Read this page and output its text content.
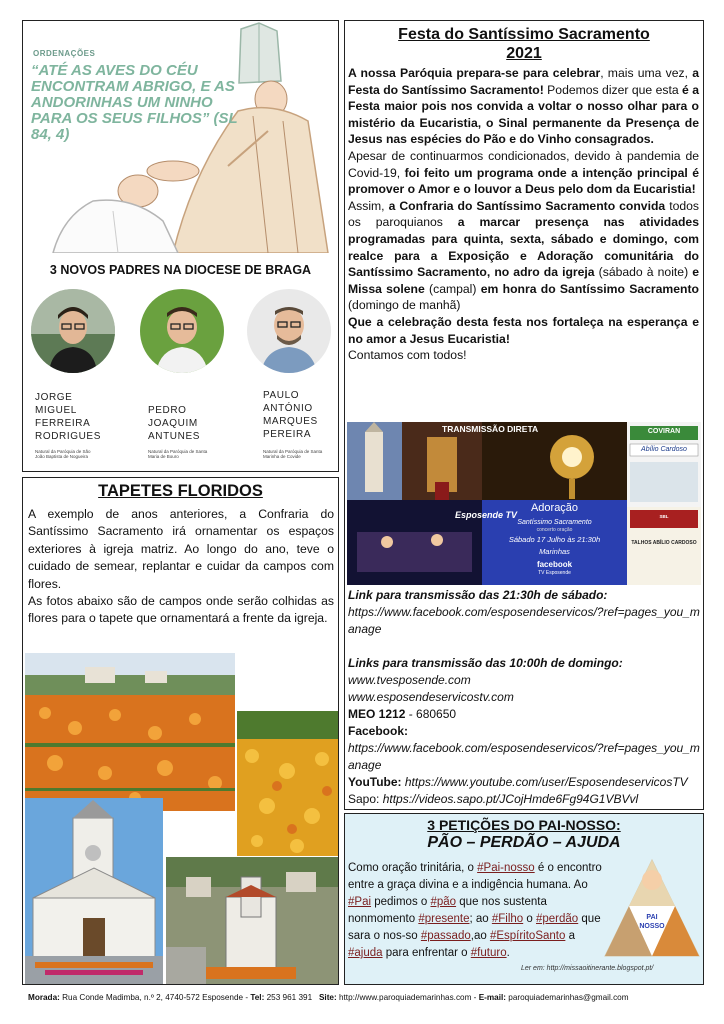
ORDENAÇÕES
“ATÉ AS AVES DO CÉU ENCONTRAM ABRIGO, E AS ANDORINHAS UM NINHO PARA OS SEUS FILHOS” (SL 84, 4)
3 NOVOS PADRES NA DIOCESE DE BRAGA
JORGE
MIGUEL
FERREIRA
RODRIGUES
Natural da Paróquia de São João Baptista de Nogueira
PEDRO
JOAQUIM
ANTUNES
Natural da Paróquia de Santa Maria de Bouro
PAULO
ANTÓNIO
MARQUES
PEREIRA
Natural da Paróquia de Santa Marinha de Covide
Festa do Santíssimo Sacramento
2021

A nossa Paróquia prepara-se para celebrar, mais uma vez, a Festa do Santíssimo Sacramento! Podemos dizer que esta é a Festa maior pois nos convida a voltar o nosso olhar para o mistério da Eucaristia, o Sinal permanente da Presença de Jesus nas espécies do Pão e do Vinho consagrados.

Apesar de continuarmos condicionados, devido à pandemia de Covid-19, foi feito um programa onde a intenção principal é promover o Amor e o louvor a Deus pelo dom da Eucaristia!

Assim, a Confraria do Santíssimo Sacramento convida todos os paroquianos a marcar presença nas atividades programadas para quinta, sexta, sábado e domingo, com realce para a Exposição e Adoração comunitária do Santíssimo Sacramento, no adro da igreja (sábado à noite) e Missa solene (campal) em honra do Santíssimo Sacramento (domingo de manhã)

Que a celebração desta festa nos fortaleça na esperança e no amor a Jesus Eucaristia!

Contamos com todos!

TRANSMISSÃO DIRETA
Esposende TV
Adoração
Santíssimo Sacramento
concerto oração
Sábado 17 Julho às 21:30h
Marinhas
facebook
TV Esposende
COVIRAN
Abílio Cardoso
SBL
TALHOS ABÍLIO CARDOSO
Link para transmissão das 21:30h de sábado:
https://www.facebook.com/esposendeservicos/?ref=pages_you_manage
Links para transmissão das 10:00h de domingo:
www.tvesposende.com
www.esposendeservicostv.com
MEO 1212 - 680650
Facebook:
https://www.facebook.com/esposendeservicos/?ref=pages_you_manage
YouTube: https://www.youtube.com/user/EsposendeservicosTV
Sapo: https://videos.sapo.pt/JCojHmde6Fg94G1VBVvl
TAPETES FLORIDOS

A exemplo de anos anteriores, a Confraria do Santíssimo Sacramento irá ornamentar os espaços exteriores à igreja matriz. Ao longo do ano, teve o cuidado de semear, replantar e cuidar da campos com flores.

As fotos abaixo são de campos onde serão colhidas as flores para o tapete que ornamentará a frente da igreja.

3 PETIÇÕES DO PAI-NOSSO:
PÃO – PERDÃO – AJUDA
Como oração trinitária, o #Pai-nosso é o encontro entre a graça divina e a indigência humana. Ao #Pai pedimos o #pão que nos sustenta nonmomento #presente; ao #Filho o #perdão que sara o nos-so #passado,ao #EspíritoSanto a #ajuda para enfrentar o #futuro.
PAI
NOSSO
Ler em: http://missaoitinerante.blogspot.pt/
Morada: Rua Conde Madimba, n.º 2, 4740-572 Esposende - Tel: 253 961 391 Site: http://www.paroquiademarinhas.com - E-mail: paroquiademarinhas@gmail.com
